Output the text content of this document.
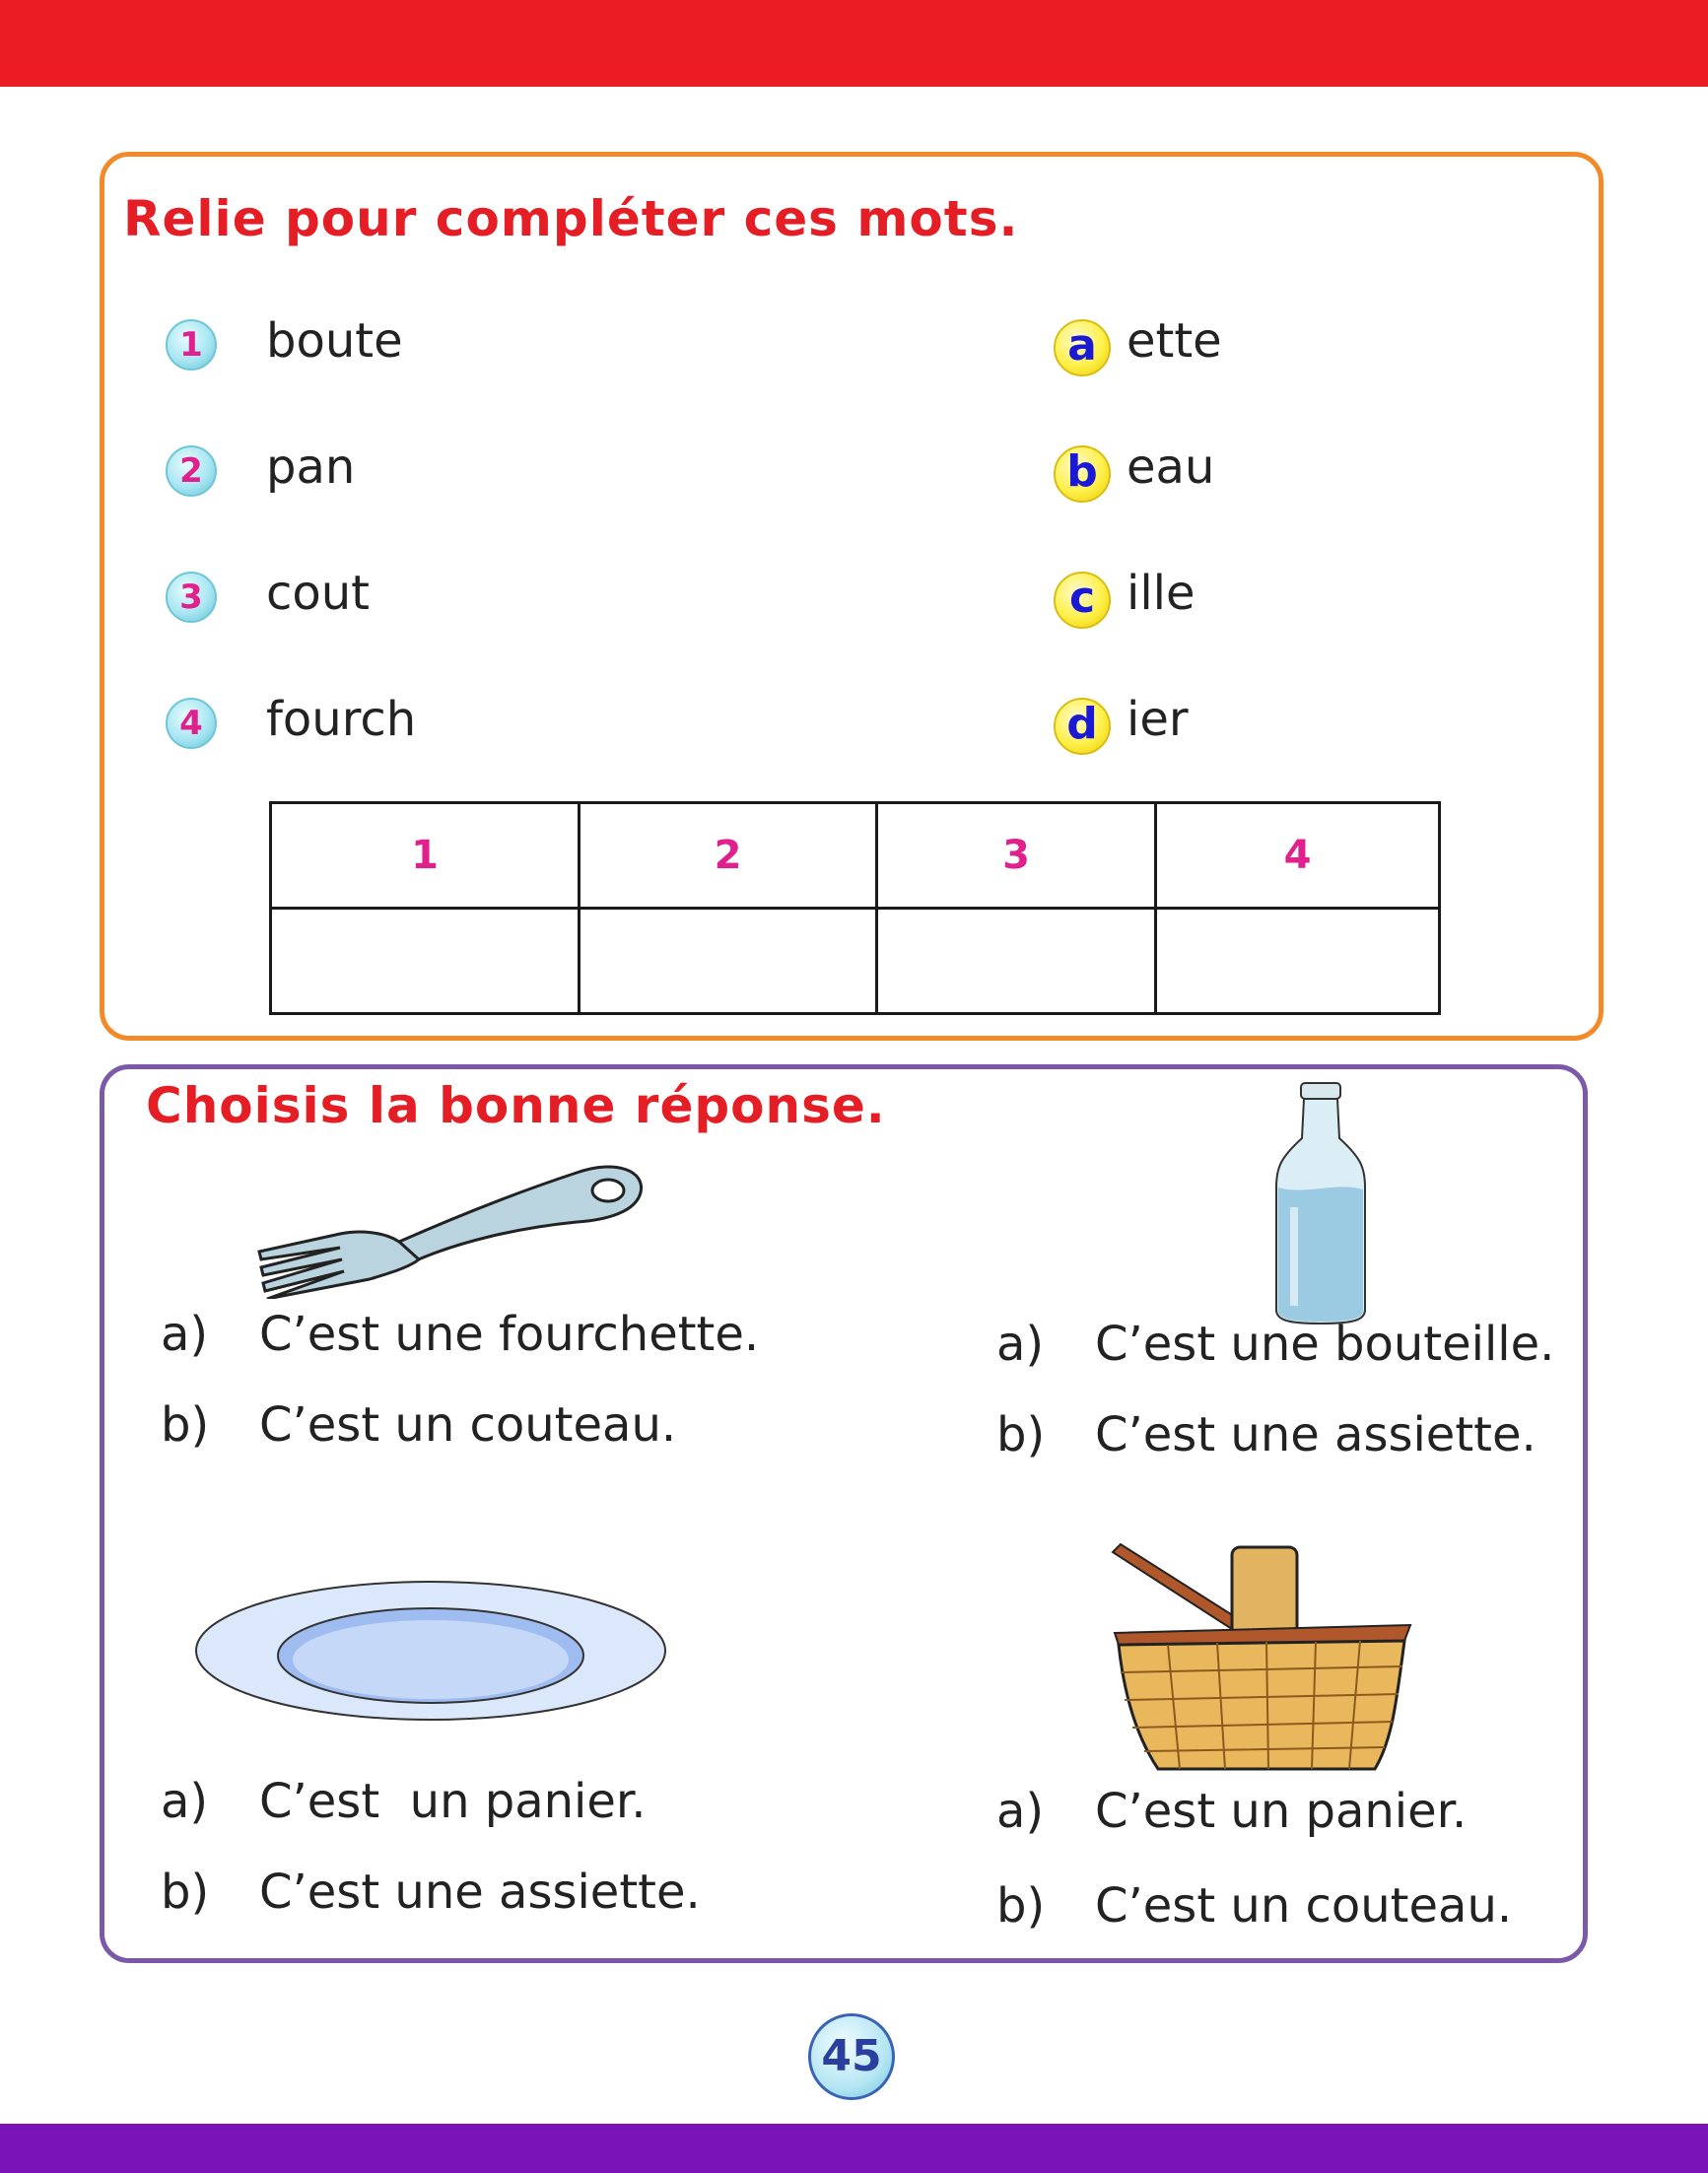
Relie pour compléter ces mots.
1 boute
2 pan
3 cout
4 fourch
a ette
b eau
c ille
d ier
1	2	3	4

Choisis la bonne réponse.
a) C’est une fourchette.
b) C’est un couteau.
a) C’est une bouteille.
b) C’est une assiette.
a) C’est  un panier.
b) C’est une assiette.
a) C’est un panier.
b) C’est un couteau.
45
